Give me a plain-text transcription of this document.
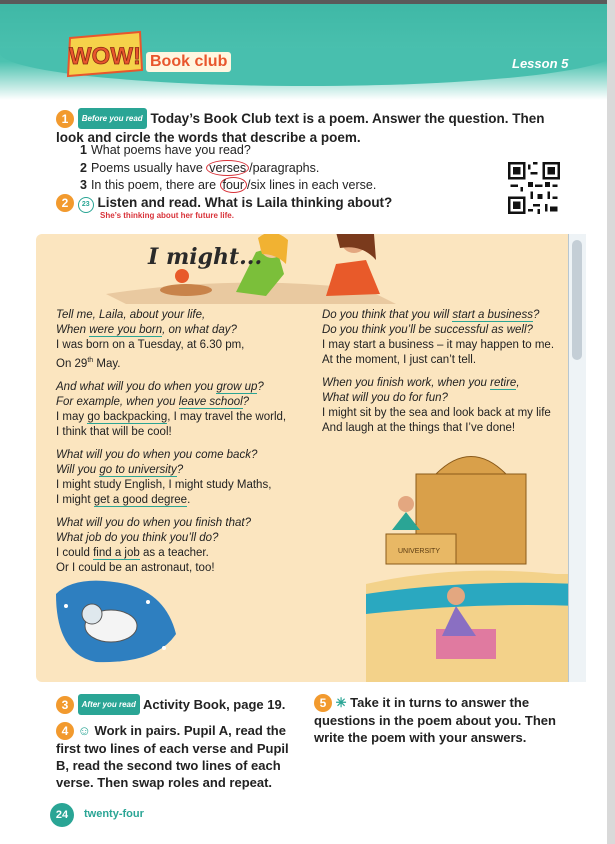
WOW! Book club	Lesson 5
1 Before you read Today’s Book Club text is a poem. Answer the question. Then look and circle the words that describe a poem.
1 What poems have you read?
2 Poems usually have verses /paragraphs.
3 In this poem, there are four /six lines in each verse.
2 23 Listen and read. What is Laila thinking about?
She’s thinking about her future life.
UNIVERSITY
I might...
Tell me, Laila, about your life,
When were you born, on what day?
I was born on a Tuesday, at 6.30 pm,
On 29th May.
And what will you do when you grow up?
For example, when you leave school?
I may go backpacking, I may travel the world,
I think that will be cool!
What will you do when you come back?
Will you go to university?
I might study English, I might study Maths,
I might get a good degree.
What will you do when you finish that?
What job do you think you’ll do?
I could find a job as a teacher.
Or I could be an astronaut, too!
Do you think that you will start a business?
Do you think you’ll be successful as well?
I may start a business – it may happen to me.
At the moment, I just can’t tell.
When you finish work, when you retire,
What will you do for fun?
I might sit by the sea and look back at my life
And laugh at the things that I’ve done!
3 After you read Activity Book, page 19.
4 ☺ Work in pairs. Pupil A, read the first two lines of each verse and Pupil B, read the second two lines of each verse. Then swap roles and repeat.
5 ✳ Take it in turns to answer the questions in the poem about you. Then write the poem with your answers.
24	twenty-four
